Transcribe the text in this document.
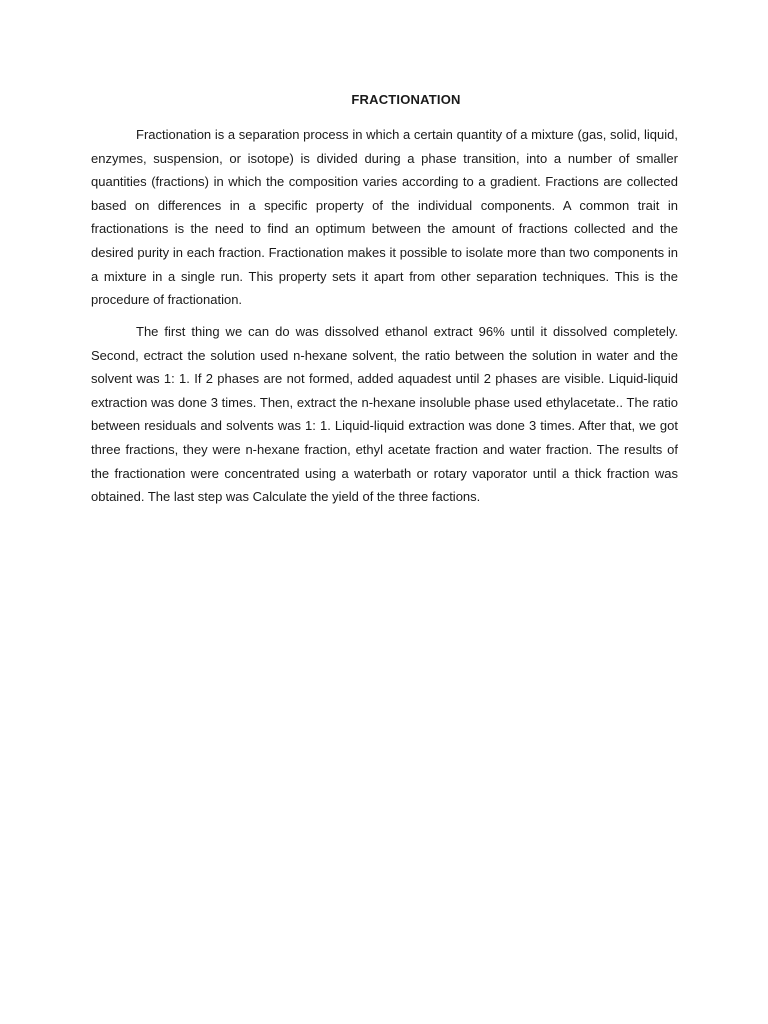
FRACTIONATION

Fractionation is a separation process in which a certain quantity of a mixture (gas, solid, liquid, enzymes, suspension, or isotope) is divided during a phase transition, into a number of smaller quantities (fractions) in which the composition varies according to a gradient. Fractions are collected based on differences in a specific property of the individual components. A common trait in fractionations is the need to find an optimum between the amount of fractions collected and the desired purity in each fraction. Fractionation makes it possible to isolate more than two components in a mixture in a single run. This property sets it apart from other separation techniques. This is the procedure of fractionation.

The first thing we can do was dissolved ethanol extract 96% until it dissolved completely. Second, ectract the solution used n-hexane solvent, the ratio between the solution in water and the solvent was 1: 1. If 2 phases are not formed, added aquadest until 2 phases are visible. Liquid-liquid extraction was done 3 times. Then, extract the n-hexane insoluble phase used ethylacetate.. The ratio between residuals and solvents was 1: 1. Liquid-liquid extraction was done 3 times. After that, we got three fractions, they were n-hexane fraction, ethyl acetate fraction and water fraction. The results of the fractionation were concentrated using a waterbath or rotary vaporator until a thick fraction was obtained. The last step was Calculate the yield of the three factions.
